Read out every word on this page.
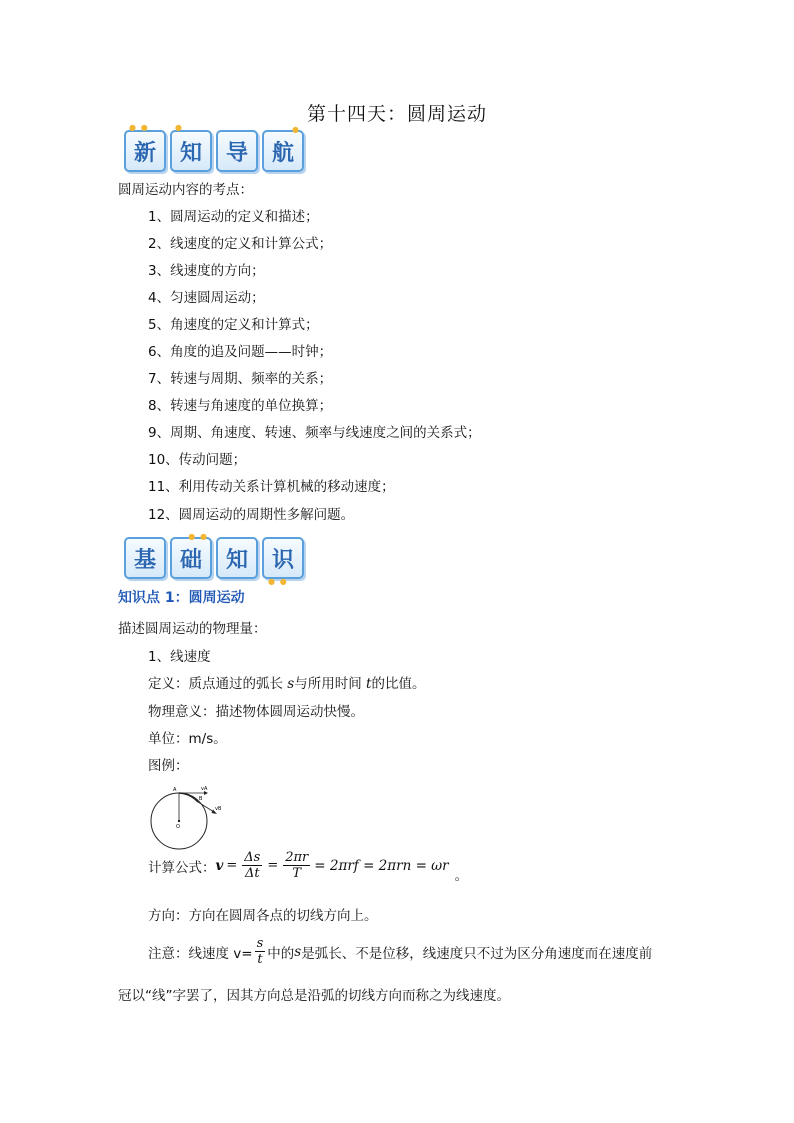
第十四天：圆周运动
● ●
新
●
知 导
●
航
圆周运动内容的考点：
1、圆周运动的定义和描述；
2、线速度的定义和计算公式；
3、线速度的方向；
4、匀速圆周运动；
5、角速度的定义和计算式；
6、角度的追及问题——时钟；
7、转速与周期、频率的关系；
8、转速与角速度的单位换算；
9、周期、角速度、转速、频率与线速度之间的关系式；
10、传动问题；
11、利用传动关系计算机械的移动速度；
12、圆周运动的周期性多解问题。
基
● ●
础 知
● ●
识
知识点 1：圆周运动
描述圆周运动的物理量：
1、线速度
定义：质点通过的弧长 s与所用时间 t的比值。
物理意义：描述物体圆周运动快慢。
单位：m/s。
图例：
A
B
O
vA
vB
计算公式： $v = \frac{\Delta s}{\Delta t} = \frac{2\pi r}{T} = 2\pi rf = 2\pi rn = \omega r$
。
方向：方向在圆周各点的切线方向上。
注意：线速度 $v= \frac{s}{t}$ 中的 s 是弧长、不是位移，线速度只不过为区分角速度而在速度前
冠以“线”字罢了，因其方向总是沿弧的切线方向而称之为线速度。
